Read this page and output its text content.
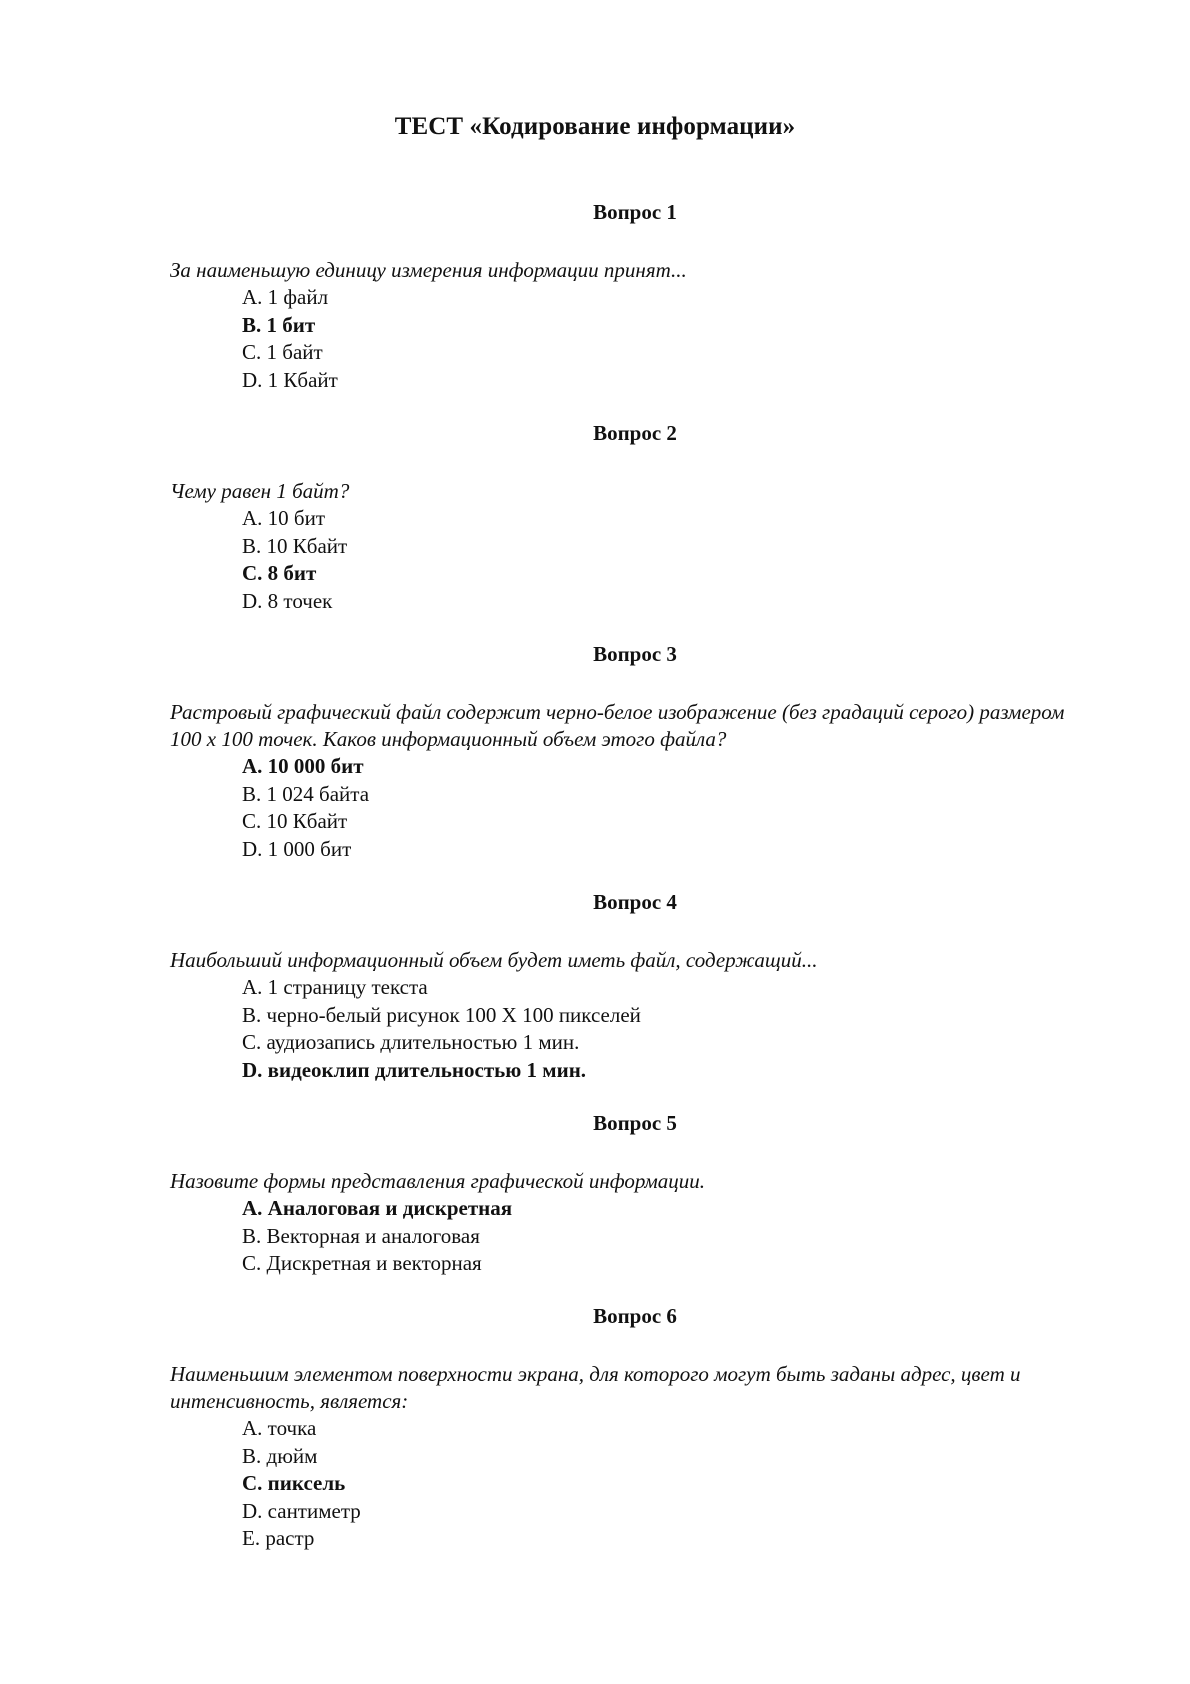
ТЕСТ «Кодирование информации»
Вопрос 1
За наименьшую единицу измерения информации принят...
A . 1 файл
B . 1 бит
C . 1 байт
D . 1 Кбайт
Вопрос 2
Чему равен 1 байт?
A . 10 бит
B . 10 Кбайт
C . 8 бит
D . 8 точек
Вопрос 3
Растровый графический файл содержит черно-белое изображение (без градаций серого) размером 100 х 100 точек. Каков информационный объем этого файла?
A . 10 000 бит
B . 1 024 байта
C . 10 Кбайт
D . 1 000 бит
Вопрос 4
Наибольший информационный объем будет иметь файл, содержащий...
A . 1 страницу текста
B . черно-белый рисунок 100 Х 100 пикселей
C . аудиозапись длительностью 1 мин.
D . видеоклип длительностью 1 мин.
Вопрос 5
Назовите формы представления графической информации.
A . Аналоговая и дискретная
B . Векторная и аналоговая
C . Дискретная и векторная
Вопрос 6
Наименьшим элементом поверхности экрана, для которого могут быть заданы адрес, цвет и интенсивность, является:
A . точка
B . дюйм
C . пиксель
D . сантиметр
E . растр
